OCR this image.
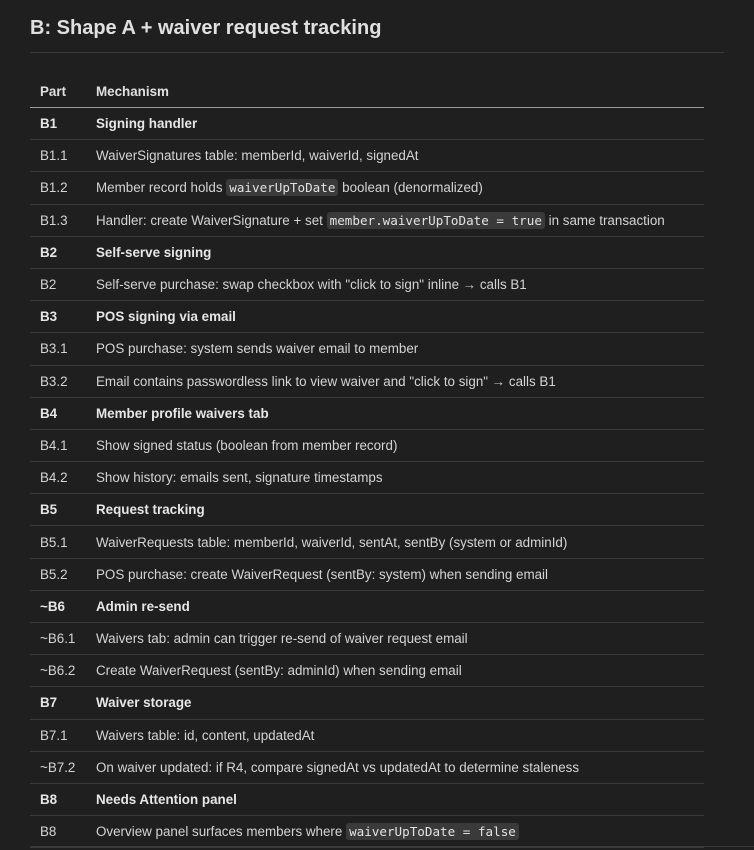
B: Shape A + waiver request tracking
Part	Mechanism
B1	Signing handler
B1.1	WaiverSignatures table: memberId, waiverId, signedAt
B1.2	Member record holds waiverUpToDate boolean (denormalized)
B1.3	Handler: create WaiverSignature + set member.waiverUpToDate = true in same transaction
B2	Self-serve signing
B2	Self-serve purchase: swap checkbox with "click to sign" inline → calls B1
B3	POS signing via email
B3.1	POS purchase: system sends waiver email to member
B3.2	Email contains passwordless link to view waiver and "click to sign" → calls B1
B4	Member profile waivers tab
B4.1	Show signed status (boolean from member record)
B4.2	Show history: emails sent, signature timestamps
B5	Request tracking
B5.1	WaiverRequests table: memberId, waiverId, sentAt, sentBy (system or adminId)
B5.2	POS purchase: create WaiverRequest (sentBy: system) when sending email
~B6	Admin re-send
~B6.1	Waivers tab: admin can trigger re-send of waiver request email
~B6.2	Create WaiverRequest (sentBy: adminId) when sending email
B7	Waiver storage
B7.1	Waivers table: id, content, updatedAt
~B7.2	On waiver updated: if R4, compare signedAt vs updatedAt to determine staleness
B8	Needs Attention panel
B8	Overview panel surfaces members where waiverUpToDate = false
